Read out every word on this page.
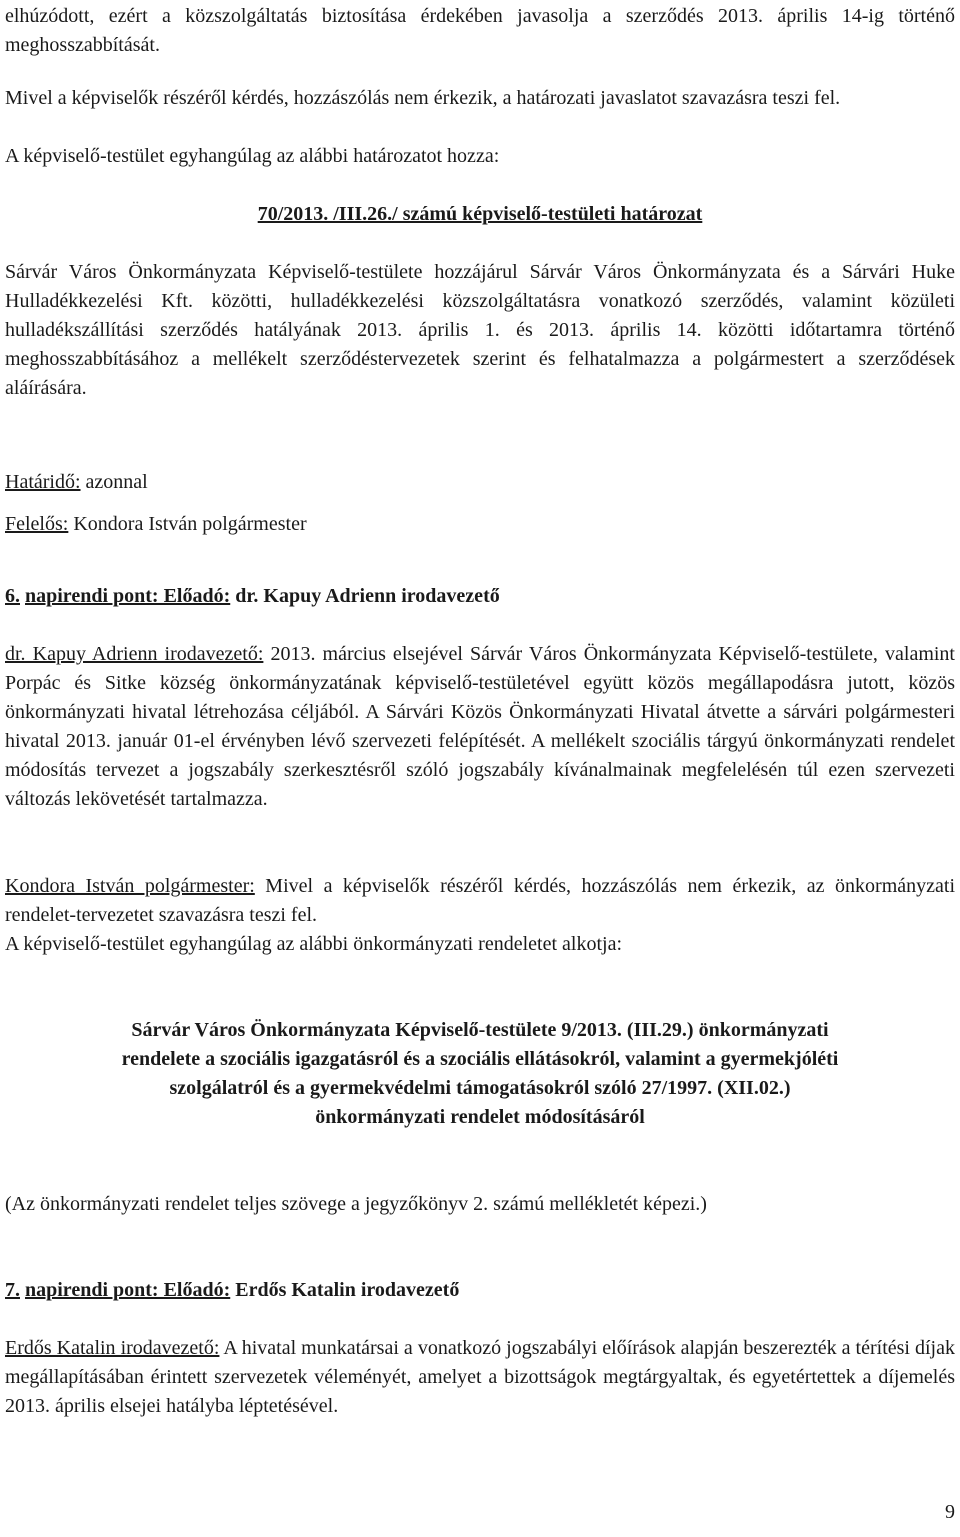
elhúzódott, ezért a közszolgáltatás biztosítása érdekében javasolja a szerződés 2013. április 14-ig történő meghosszabbítását.

Mivel a képviselők részéről kérdés, hozzászólás nem érkezik, a határozati javaslatot szavazásra teszi fel.

A képviselő-testület egyhangúlag az alábbi határozatot hozza:

70/2013. /III.26./ számú képviselő-testületi határozat

Sárvár Város Önkormányzata Képviselő-testülete hozzájárul Sárvár Város Önkormányzata és a Sárvári Huke Hulladékkezelési Kft. közötti, hulladékkezelési közszolgáltatásra vonatkozó szerződés, valamint közületi hulladékszállítási szerződés hatályának 2013. április 1. és 2013. április 14. közötti időtartamra történő meghosszabbításához a mellékelt szerződéstervezetek szerint és felhatalmazza a polgármestert a szerződések aláírására.

Határidő: azonnal

Felelős: Kondora István polgármester

6. napirendi pont: Előadó: dr. Kapuy Adrienn irodavezető

dr. Kapuy Adrienn irodavezető: 2013. március elsejével Sárvár Város Önkormányzata Képviselő-testülete, valamint Porpác és Sitke község önkormányzatának képviselő-testületével együtt közös megállapodásra jutott, közös önkormányzati hivatal létrehozása céljából. A Sárvári Közös Önkormányzati Hivatal átvette a sárvári polgármesteri hivatal 2013. január 01-el érvényben lévő szervezeti felépítését. A mellékelt szociális tárgyú önkormányzati rendelet módosítás tervezet a jogszabály szerkesztésről szóló jogszabály kívánalmainak megfelelésén túl ezen szervezeti változás lekövetését tartalmazza.

Kondora István polgármester: Mivel a képviselők részéről kérdés, hozzászólás nem érkezik, az önkormányzati rendelet-tervezetet szavazásra teszi fel.

A képviselő-testület egyhangúlag az alábbi önkormányzati rendeletet alkotja:

Sárvár Város Önkormányzata Képviselő-testülete 9/2013. (III.29.) önkormányzati
rendelete a szociális igazgatásról és a szociális ellátásokról, valamint a gyermekjóléti
szolgálatról és a gyermekvédelmi támogatásokról szóló 27/1997. (XII.02.)
önkormányzati rendelet módosításáról

(Az önkormányzati rendelet teljes szövege a jegyzőkönyv 2. számú mellékletét képezi.)

7. napirendi pont: Előadó: Erdős Katalin irodavezető

Erdős Katalin irodavezető: A hivatal munkatársai a vonatkozó jogszabályi előírások alapján beszerezték a térítési díjak megállapításában érintett szervezetek véleményét, amelyet a bizottságok megtárgyaltak, és egyetértettek a díjemelés 2013. április elsejei hatályba léptetésével.

9
